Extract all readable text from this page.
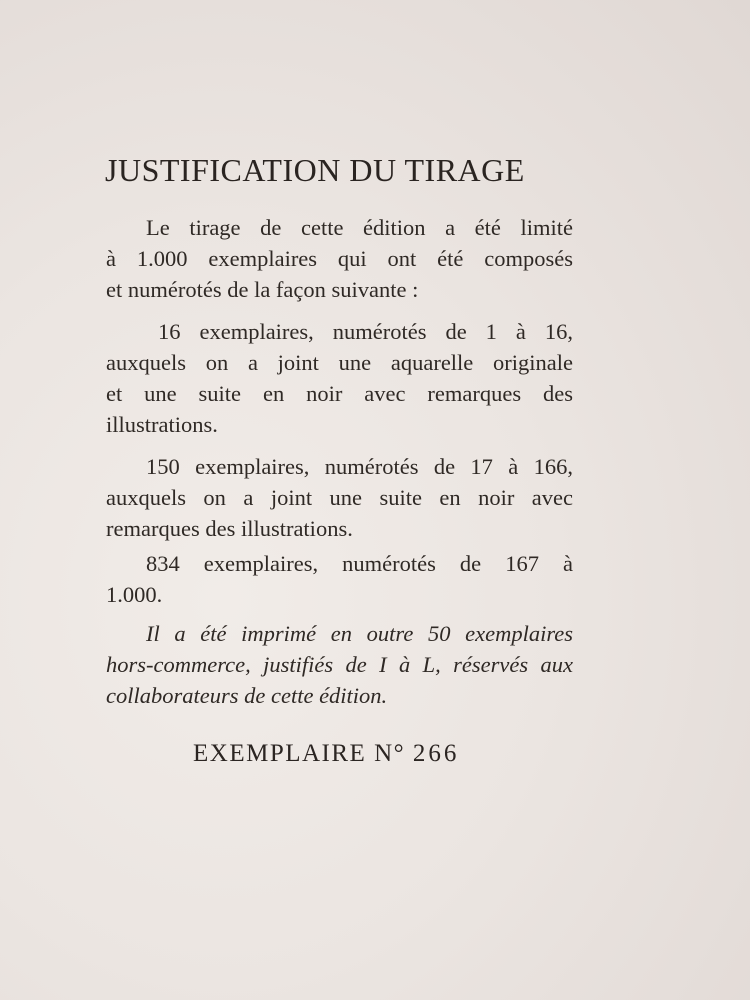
JUSTIFICATION DU TIRAGE

Le tirage de cette édition a été limité
à 1.000 exemplaires qui ont été composés
et numérotés de la façon suivante :

16 exemplaires, numérotés de 1 à 16,
auxquels on a joint une aquarelle originale
et une suite en noir avec remarques des
illustrations.

150 exemplaires, numérotés de 17 à 166,
auxquels on a joint une suite en noir avec
remarques des illustrations.

834 exemplaires, numérotés de 167 à
1.000.

Il a été imprimé en outre 50 exemplaires
hors-commerce, justifiés de I à L, réservés aux
collaborateurs de cette édition.

EXEMPLAIRE N° 266
